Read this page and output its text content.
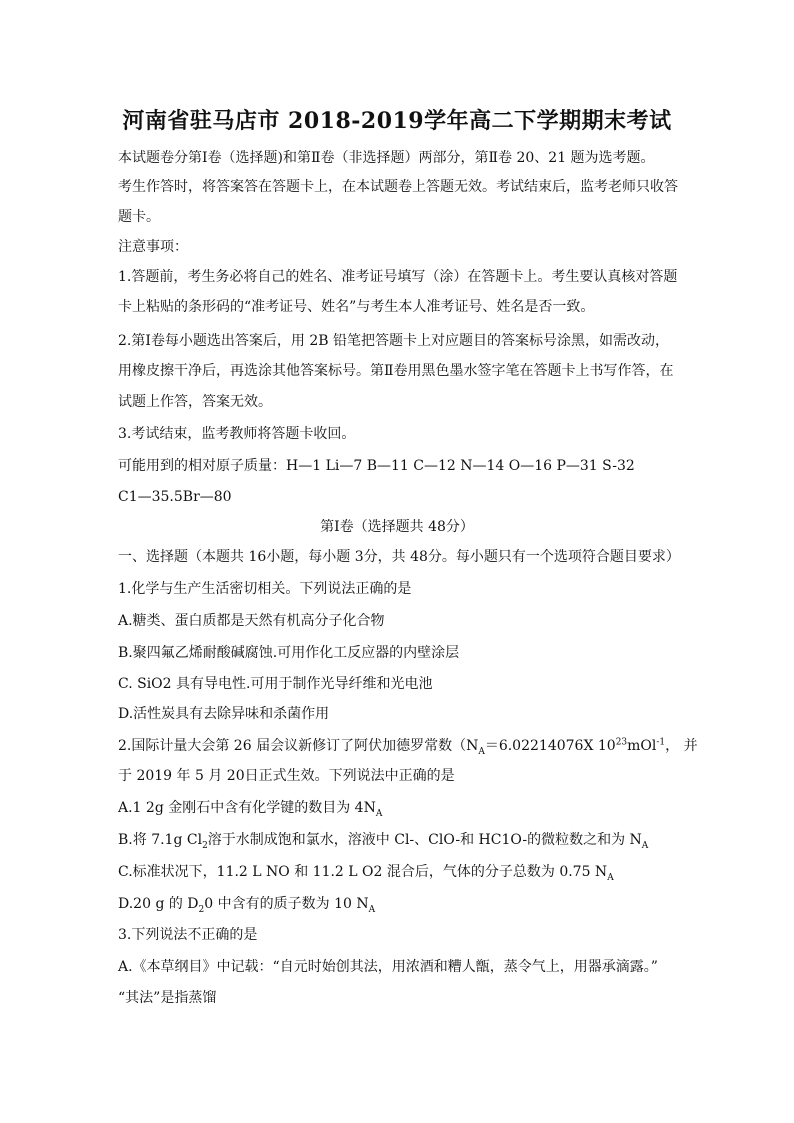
河南省驻马店市 2018-2019学年高二下学期期末考试
本试题卷分第Ⅰ卷（选择题)和第Ⅱ卷（非选择题）两部分，第Ⅱ卷 20、21 题为选考题。
考生作答时，将答案答在答题卡上，在本试题卷上答题无效。考试结束后，监考老师只收答
题卡。
注意事项：
1.答题前，考生务必将自己的姓名、准考证号填写（涂）在答题卡上。考生要认真核对答题
卡上粘贴的条形码的“准考证号、姓名”与考生本人准考证号、姓名是否一致。
2.第Ⅰ卷每小题选出答案后，用 2B 铅笔把答题卡上对应题目的答案标号涂黑，如需改动，
用橡皮擦干净后，再选涂其他答案标号。第Ⅱ卷用黑色墨水签字笔在答题卡上书写作答，在
试题上作答，答案无效。
3.考试结束，监考教师将答题卡收回。
可能用到的相对原子质量：H—1 Li—7 B—11 C—12 N—14 O—16 P—31 S-32
C1—35.5Br—80
第Ⅰ卷（选择题共 48分）
一、选择题（本题共 16小题，每小题 3分，共 48分。每小题只有一个选项符合题目要求）
1.化学与生产生活密切相关。下列说法正确的是
A.糖类、蛋白质都是天然有机高分子化合物
B.聚四氟乙烯耐酸碱腐蚀.可用作化工反应器的内壁涂层
C. SiO2 具有导电性.可用于制作光导纤维和光电池
D.活性炭具有去除异味和杀菌作用
2.国际计量大会第 26 届会议新修订了阿伏加德罗常数（$N_A=6.02214076X$ $10^{23}mOl^{-1}$， 并
于 2019 年 5 月 20日正式生效。下列说法中正确的是
A.1 2g 金刚石中含有化学键的数目为 $4N_A$
B.将 7.1g $Cl_2$溶于水制成饱和氯水，溶液中 Cl-、ClO-和 HC1O-的微粒数之和为 $N_A$
C.标准状况下，11.2 L NO 和 11.2 L O2 混合后，气体的分子总数为 0.75 $N_A$
D.20 g 的 $D_20$ 中含有的质子数为 10 $N_A$
3.下列说法不正确的是
A.《本草纲目》中记载：“自元时始创其法，用浓酒和糟人甑，蒸令气上，用器承滴露。”
“其法”是指蒸馏
